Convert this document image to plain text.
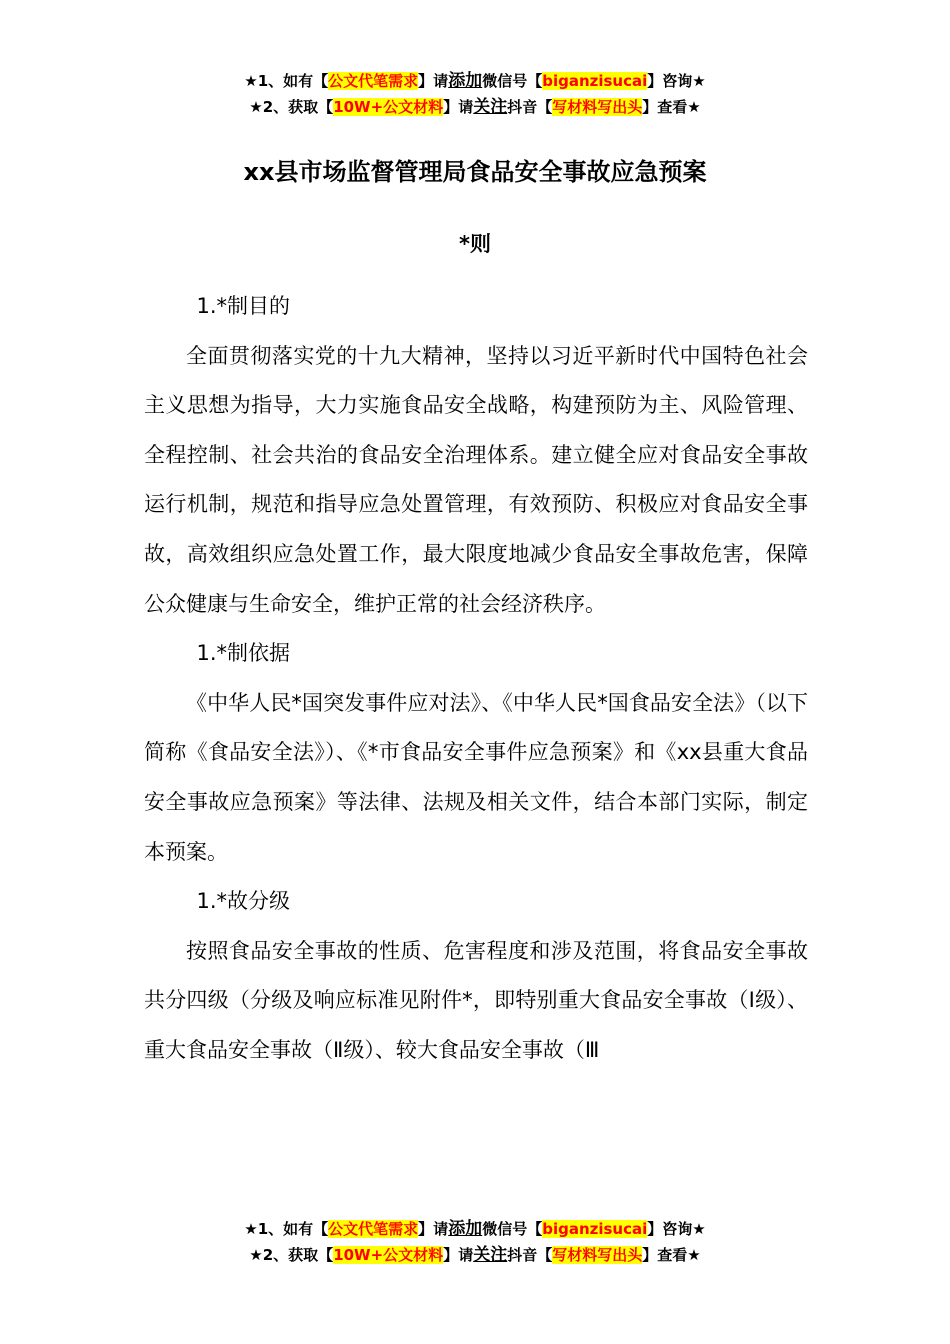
★1、如有【公文代笔需求】请添加微信号【biganzisucai】咨询★
★2、获取【10W+公文材料】请关注抖音【写材料写出头】查看★
xx县市场监督管理局食品安全事故应急预案
*则

1.*制目的

全面贯彻落实党的十九大精神，坚持以习近平新时代中国特色社会主义思想为指导，大力实施食品安全战略，构建预防为主、风险管理、全程控制、社会共治的食品安全治理体系。建立健全应对食品安全事故运行机制，规范和指导应急处置管理，有效预防、积极应对食品安全事故，高效组织应急处置工作，最大限度地减少食品安全事故危害，保障公众健康与生命安全，维护正常的社会经济秩序。

1.*制依据

《中华人民*国突发事件应对法》、《中华人民*国食品安全法》（以下简称《食品安全法》）、《*市食品安全事件应急预案》和《xx县重大食品安全事故应急预案》等法律、法规及相关文件，结合本部门实际，制定本预案。

1.*故分级

按照食品安全事故的性质、危害程度和涉及范围，将食品安全事故共分四级（分级及响应标准见附件*，即特别重大食品安全事故（Ⅰ级）、重大食品安全事故（Ⅱ级）、较大食品安全事故（Ⅲ

★1、如有【公文代笔需求】请添加微信号【biganzisucai】咨询★
★2、获取【10W+公文材料】请关注抖音【写材料写出头】查看★
